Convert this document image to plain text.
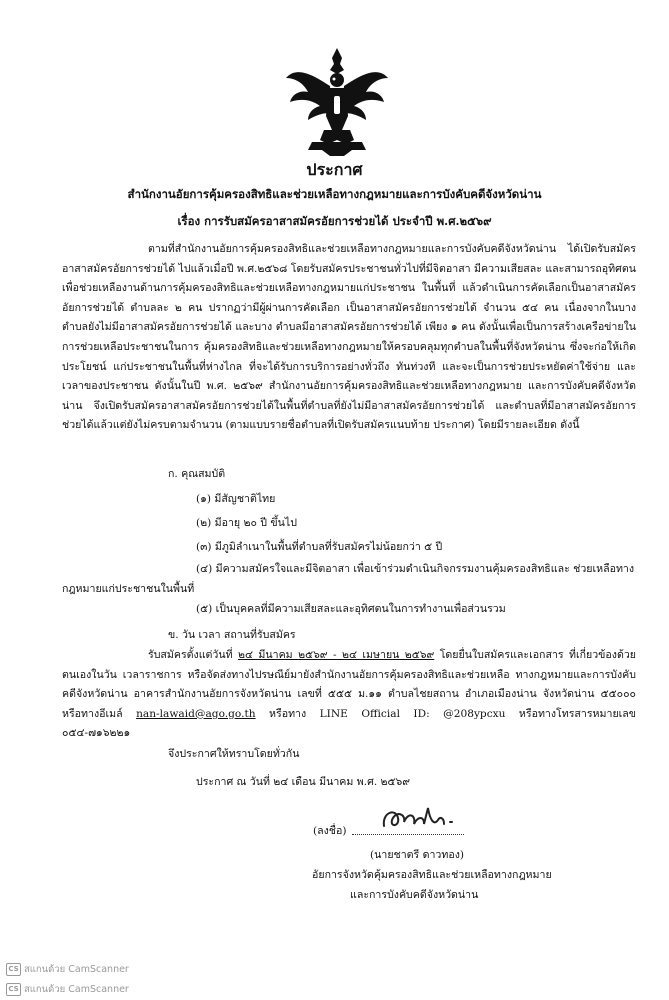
ประกาศ
สำนักงานอัยการคุ้มครองสิทธิและช่วยเหลือทางกฎหมายและการบังคับคดีจังหวัดน่าน
เรื่อง การรับสมัครอาสาสมัครอัยการช่วยได้ ประจำปี พ.ศ.๒๕๖๙

ตามที่สำนักงานอัยการคุ้มครองสิทธิและช่วยเหลือทางกฎหมายและการบังคับคดีจังหวัดน่าน ได้เปิดรับสมัครอาสาสมัครอัยการช่วยได้ ไปแล้วเมื่อปี พ.ศ.๒๕๖๘ โดยรับสมัครประชาชนทั่วไปที่มีจิตอาสา มีความเสียสละ และสามารถอุทิศตนเพื่อช่วยเหลืองานด้านการคุ้มครองสิทธิและช่วยเหลือทางกฎหมายแก่ประชาชน ในพื้นที่ แล้วดำเนินการคัดเลือกเป็นอาสาสมัครอัยการช่วยได้ ตำบลละ ๒ คน ปรากฏว่ามีผู้ผ่านการคัดเลือก เป็นอาสาสมัครอัยการช่วยได้ จำนวน ๕๔ คน เนื่องจากในบางตำบลยังไม่มีอาสาสมัครอัยการช่วยได้ และบาง ตำบลมีอาสาสมัครอัยการช่วยได้ เพียง ๑ คน ดังนั้นเพื่อเป็นการสร้างเครือข่ายในการช่วยเหลือประชาชนในการ คุ้มครองสิทธิและช่วยเหลือทางกฎหมายให้ครอบคลุมทุกตำบลในพื้นที่จังหวัดน่าน ซึ่งจะก่อให้เกิดประโยชน์ แก่ประชาชนในพื้นที่ห่างไกล ที่จะได้รับการบริการอย่างทั่วถึง ทันท่วงที และจะเป็นการช่วยประหยัดค่าใช้จ่าย และเวลาของประชาชน ดังนั้นในปี พ.ศ. ๒๕๖๙ สำนักงานอัยการคุ้มครองสิทธิและช่วยเหลือทางกฎหมาย และการบังคับคดีจังหวัดน่าน จึงเปิดรับสมัครอาสาสมัครอัยการช่วยได้ในพื้นที่ตำบลที่ยังไม่มีอาสาสมัครอัยการช่วยได้ และตำบลที่มีอาสาสมัครอัยการช่วยได้แล้วแต่ยังไม่ครบตามจำนวน (ตามแบบรายชื่อตำบลที่เปิดรับสมัครแนบท้าย ประกาศ) โดยมีรายละเอียด ดังนี้

ก. คุณสมบัติ
(๑) มีสัญชาติไทย
(๒) มีอายุ ๒๐ ปี ขึ้นไป
(๓) มีภูมิลำเนาในพื้นที่ตำบลที่รับสมัครไม่น้อยกว่า ๕ ปี

(๔) มีความสมัครใจและมีจิตอาสา เพื่อเข้าร่วมดำเนินกิจกรรมงานคุ้มครองสิทธิและ ช่วยเหลือทางกฎหมายแก่ประชาชนในพื้นที่

(๕) เป็นบุคคลที่มีความเสียสละและอุทิศตนในการทำงานเพื่อส่วนรวม
ข. วัน เวลา สถานที่รับสมัคร

รับสมัครตั้งแต่วันที่ ๒๔ มีนาคม ๒๕๖๙ - ๒๔ เมษายน ๒๕๖๙ โดยยื่นใบสมัครและเอกสาร ที่เกี่ยวข้องด้วยตนเองในวัน เวลาราชการ หรือจัดส่งทางไปรษณีย์มายังสำนักงานอัยการคุ้มครองสิทธิและช่วยเหลือ ทางกฎหมายและการบังคับคดีจังหวัดน่าน อาคารสำนักงานอัยการจังหวัดน่าน เลขที่ ๕๕๕ ม.๑๑ ตำบลไชยสถาน อำเภอเมืองน่าน จังหวัดน่าน ๕๕๐๐๐ หรือทางอีเมล์ nan-lawaid@ago.go.th หรือทาง LINE Official ID: @208ypcxu หรือทางโทรสารหมายเลข ๐๕๔-๗๑๖๒๒๑

จึงประกาศให้ทราบโดยทั่วกัน
ประกาศ ณ วันที่ ๒๔ เดือน มีนาคม พ.ศ. ๒๕๖๙
(ลงชื่อ)
(นายชาตรี ดาวทอง)
อัยการจังหวัดคุ้มครองสิทธิและช่วยเหลือทางกฎหมาย
และการบังคับคดีจังหวัดน่าน
CS สแกนด้วย CamScanner
CS สแกนด้วย CamScanner
